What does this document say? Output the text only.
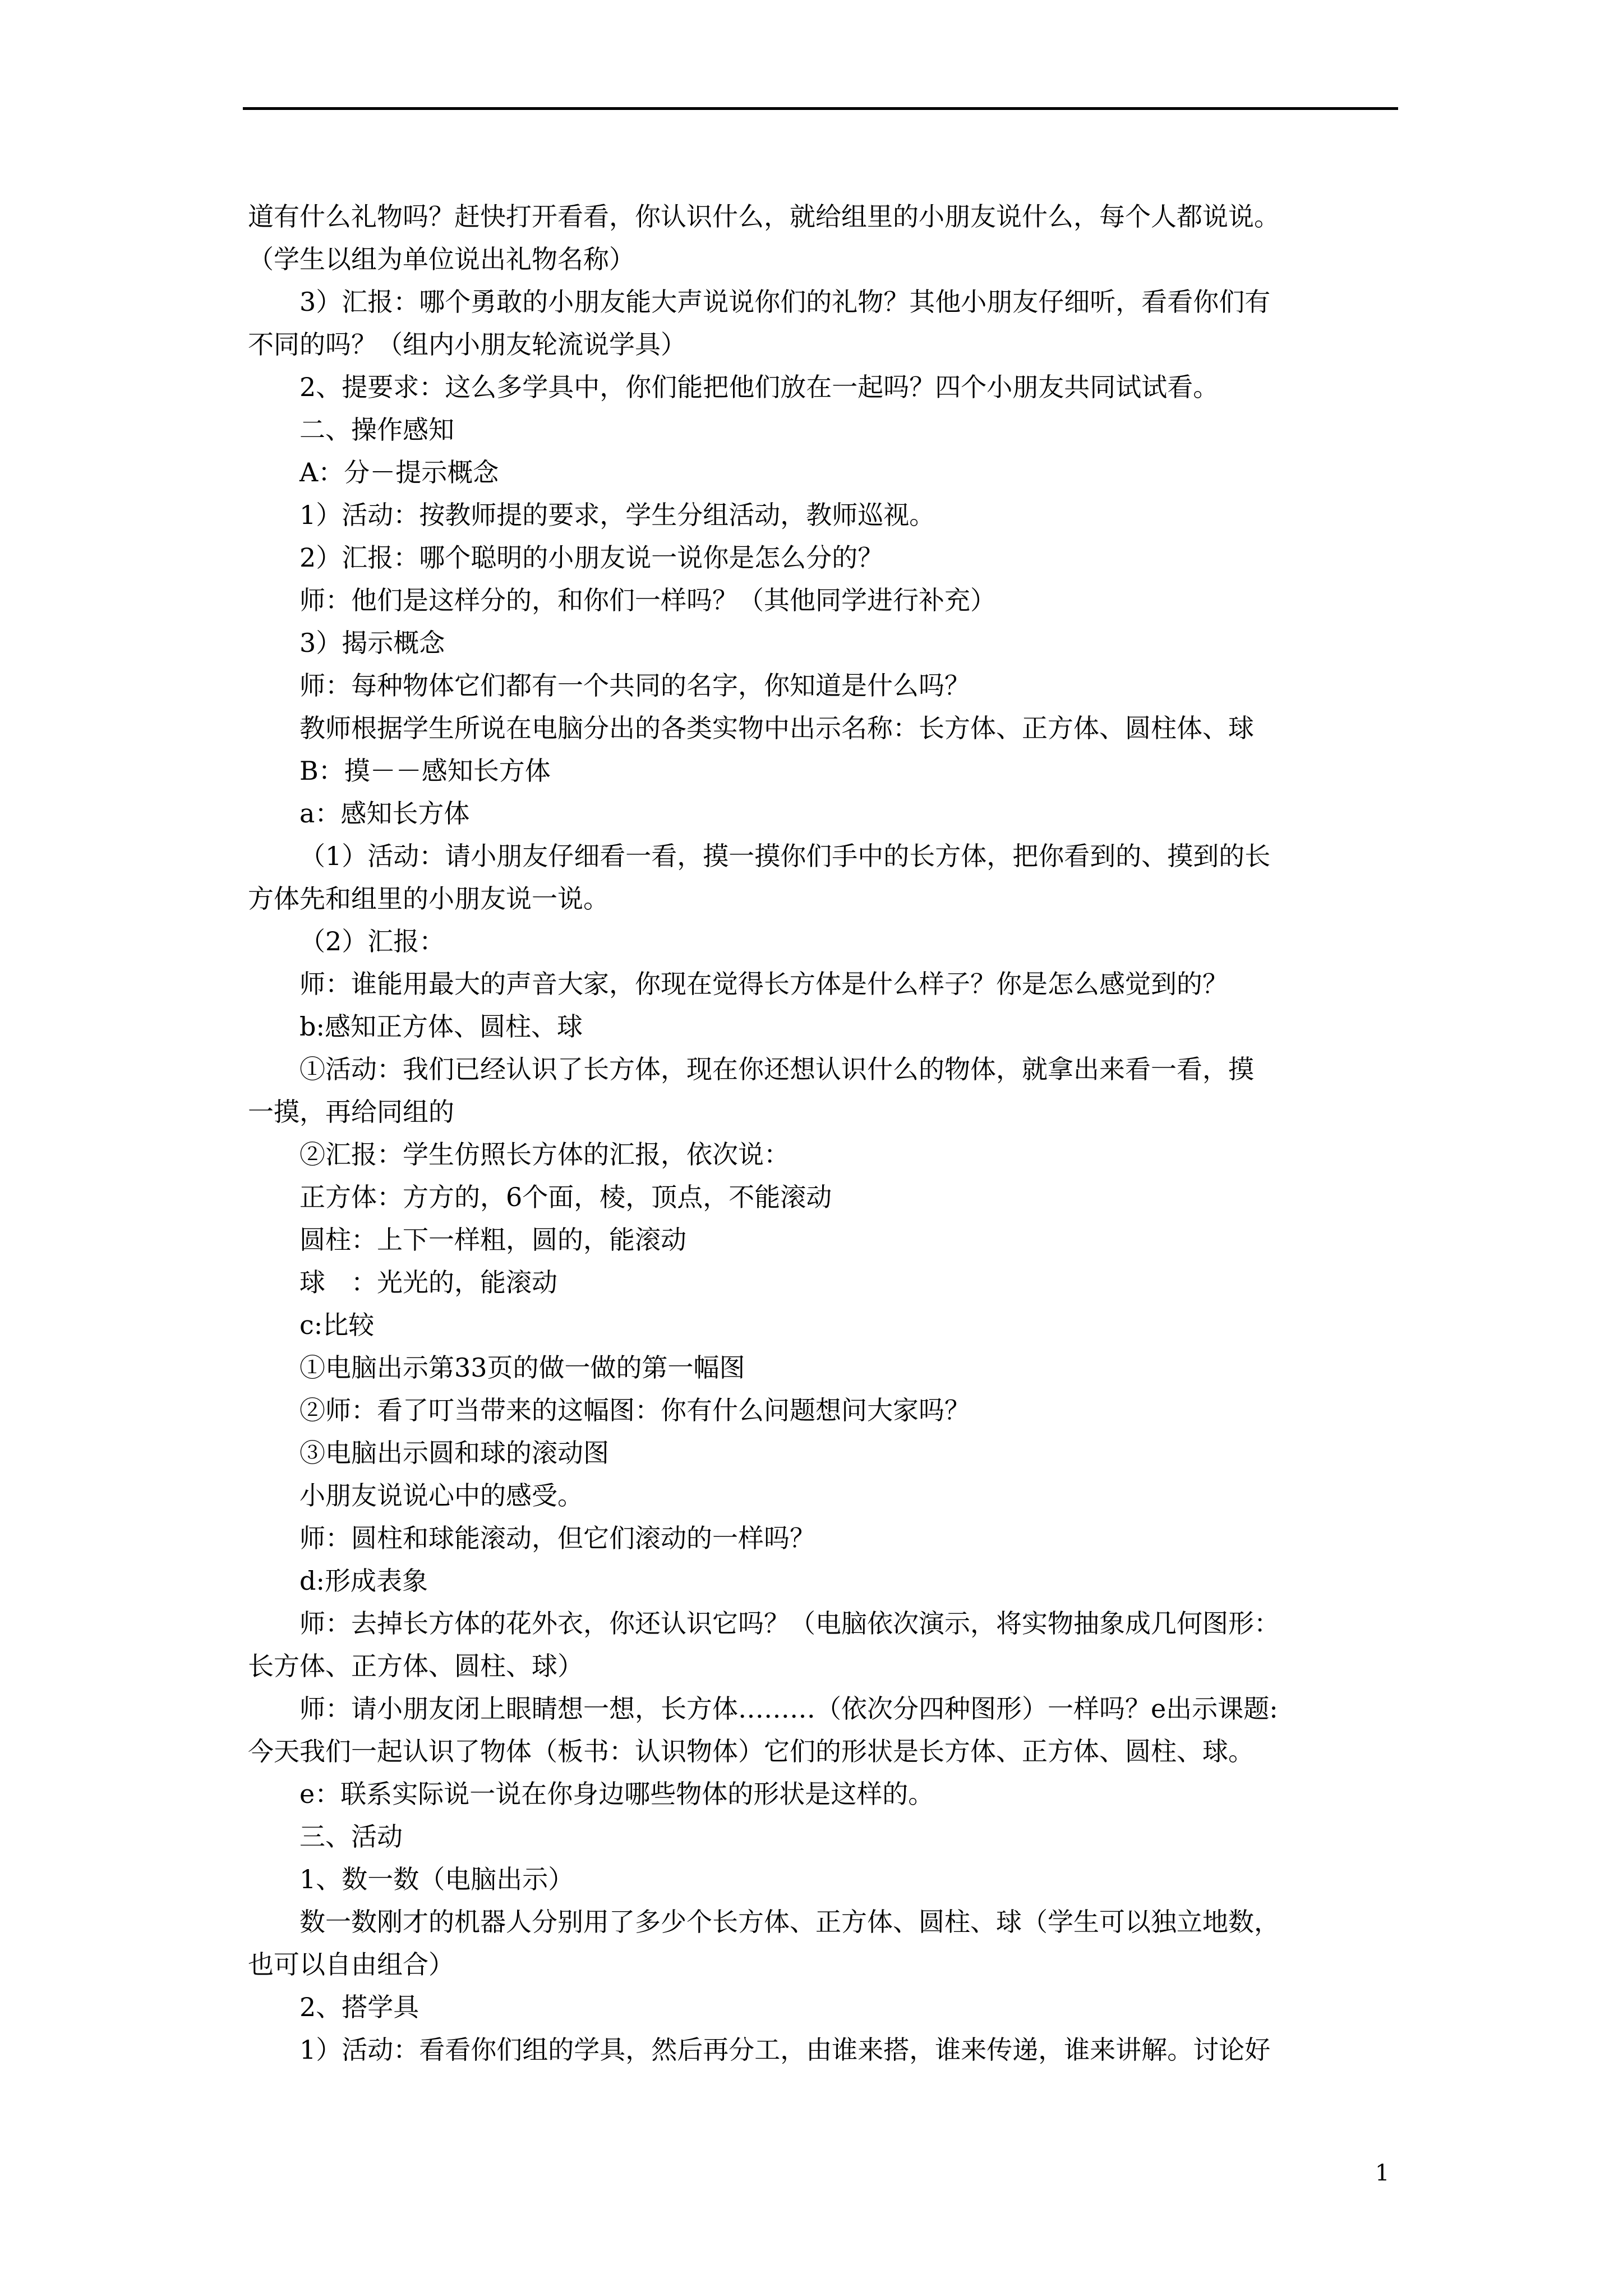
道有什么礼物吗？赶快打开看看，你认识什么，就给组里的小朋友说什么，每个人都说说。
（学生以组为单位说出礼物名称）
3）汇报：哪个勇敢的小朋友能大声说说你们的礼物？其他小朋友仔细听，看看你们有
不同的吗？（组内小朋友轮流说学具）
2、提要求：这么多学具中，你们能把他们放在一起吗？四个小朋友共同试试看。
二、操作感知
A：分－提示概念
1）活动：按教师提的要求，学生分组活动，教师巡视。
2）汇报：哪个聪明的小朋友说一说你是怎么分的？
师：他们是这样分的，和你们一样吗？（其他同学进行补充）
3）揭示概念
师：每种物体它们都有一个共同的名字，你知道是什么吗？
教师根据学生所说在电脑分出的各类实物中出示名称：长方体、正方体、圆柱体、球
B：摸－－感知长方体
a：感知长方体
（1）活动：请小朋友仔细看一看，摸一摸你们手中的长方体，把你看到的、摸到的长
方体先和组里的小朋友说一说。
（2）汇报：
师：谁能用最大的声音大家，你现在觉得长方体是什么样子？你是怎么感觉到的？
b:感知正方体、圆柱、球
①活动：我们已经认识了长方体，现在你还想认识什么的物体，就拿出来看一看，摸
一摸，再给同组的
②汇报：学生仿照长方体的汇报，依次说：
正方体：方方的，6个面，棱，顶点，不能滚动
圆柱：上下一样粗，圆的，能滚动
球　：光光的，能滚动
c:比较
①电脑出示第33页的做一做的第一幅图
②师：看了叮当带来的这幅图：你有什么问题想问大家吗？
③电脑出示圆和球的滚动图
小朋友说说心中的感受。
师：圆柱和球能滚动，但它们滚动的一样吗？
d:形成表象
师：去掉长方体的花外衣，你还认识它吗？（电脑依次演示，将实物抽象成几何图形：
长方体、正方体、圆柱、球）
师：请小朋友闭上眼睛想一想，长方体………（依次分四种图形）一样吗？e出示课题:
今天我们一起认识了物体（板书：认识物体）它们的形状是长方体、正方体、圆柱、球。
e：联系实际说一说在你身边哪些物体的形状是这样的。
三、活动
1、数一数（电脑出示）
数一数刚才的机器人分别用了多少个长方体、正方体、圆柱、球（学生可以独立地数，
也可以自由组合）
2、搭学具
1）活动：看看你们组的学具，然后再分工，由谁来搭，谁来传递，谁来讲解。讨论好
1
